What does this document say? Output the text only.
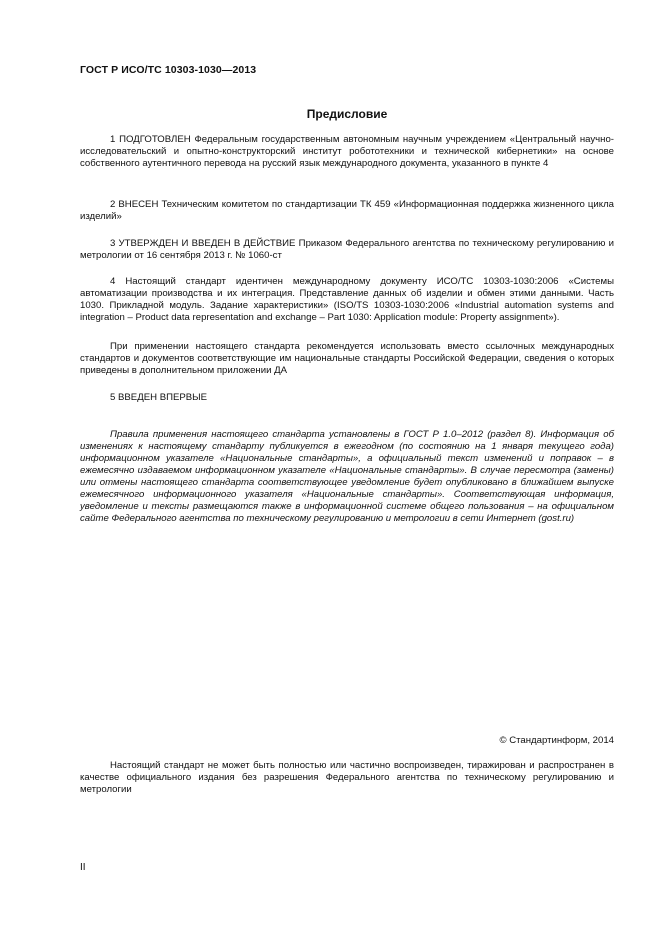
ГОСТ Р ИСО/ТС 10303-1030—2013
Предисловие

1 ПОДГОТОВЛЕН Федеральным государственным автономным научным учреждением «Центральный научно-исследовательский и опытно-конструкторский институт робототехники и технической кибернетики» на основе собственного аутентичного перевода на русский язык международного документа, указанного в пункте 4

2 ВНЕСЕН Техническим комитетом по стандартизации ТК 459 «Информационная поддержка жизненного цикла изделий»

3 УТВЕРЖДЕН И ВВЕДЕН В ДЕЙСТВИЕ Приказом Федерального агентства по техническому регулированию и метрологии от 16 сентября 2013 г. № 1060-ст

4 Настоящий стандарт идентичен международному документу ИСО/ТС 10303-1030:2006 «Системы автоматизации производства и их интеграция. Представление данных об изделии и обмен этими данными. Часть 1030. Прикладной модуль. Задание характеристики» (ISO/TS 10303-1030:2006 «Industrial automation systems and integration – Product data representation and exchange – Part 1030: Application module: Property assignment»).

При применении настоящего стандарта рекомендуется использовать вместо ссылочных международных стандартов и документов соответствующие им национальные стандарты Российской Федерации, сведения о которых приведены в дополнительном приложении ДА

5 ВВЕДЕН ВПЕРВЫЕ

Правила применения настоящего стандарта установлены в ГОСТ Р 1.0–2012 (раздел 8). Информация об изменениях к настоящему стандарту публикуется в ежегодном (по состоянию на 1 января текущего года) информационном указателе «Национальные стандарты», а официальный текст изменений и поправок – в ежемесячно издаваемом информационном указателе «Национальные стандарты». В случае пересмотра (замены) или отмены настоящего стандарта соответствующее уведомление будет опубликовано в ближайшем выпуске ежемесячного информационного указателя «Национальные стандарты». Соответствующая информация, уведомление и тексты размещаются также в информационной системе общего пользования – на официальном сайте Федерального агентства по техническому регулированию и метрологии в сети Интернет (gost.ru)

© Стандартинформ, 2014

Настоящий стандарт не может быть полностью или частично воспроизведен, тиражирован и распространен в качестве официального издания без разрешения Федерального агентства по техническому регулированию и метрологии

II
